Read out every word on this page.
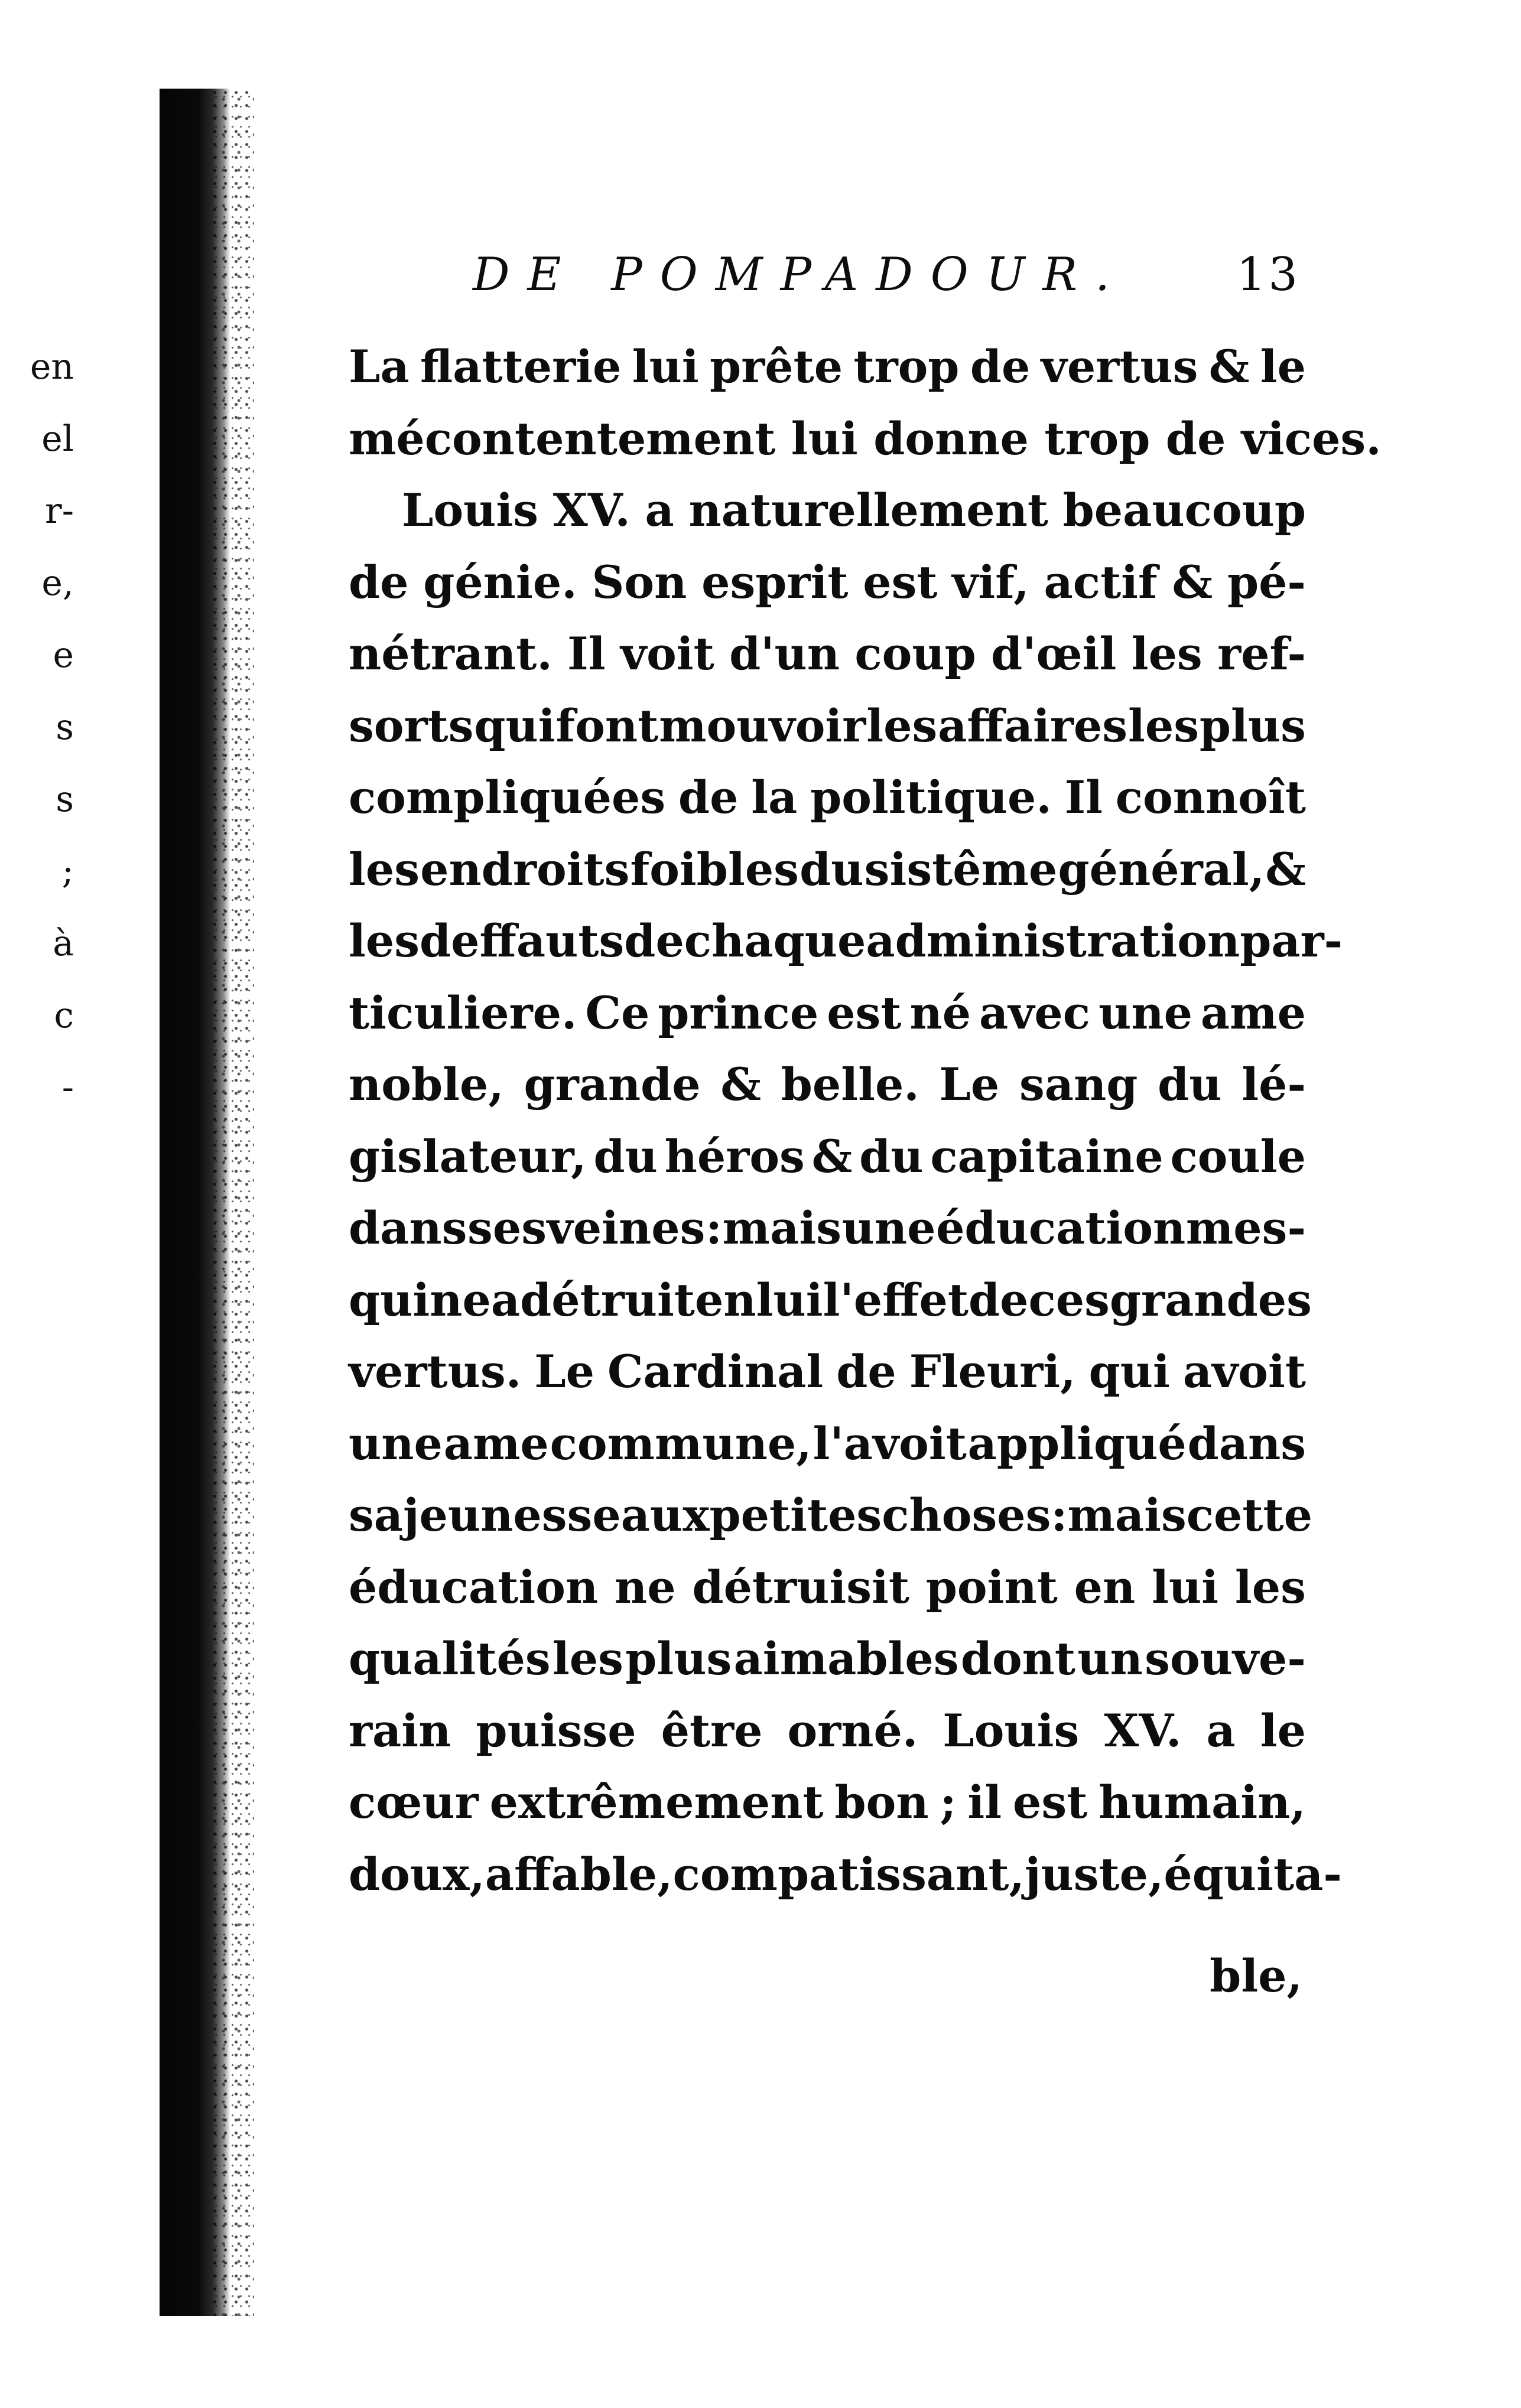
en
el
r-
e,
e
s
s
;
à
c
-
DE POMPADOUR. 13
La flatterie lui prête trop de vertus & le
mécontentement lui donne trop de vices.
Louis XV. a naturellement beaucoup
de génie. Son esprit est vif, actif & pé-
nétrant. Il voit d'un coup d'œil les ref-
sorts qui font mouvoir les affaires les plus
compliquées de la politique. Il connoît
les endroits foibles du sistême général, &
les deffauts de chaque administration par-
ticuliere. Ce prince est né avec une ame
noble, grande & belle. Le sang du lé-
gislateur, du héros & du capitaine coule
dans ses veines : mais une éducation mes-
quine a détruit en lui l'effet de ces grandes
vertus. Le Cardinal de Fleuri, qui avoit
une ame commune, l'avoit appliqué dans
sa jeunesse aux petites choses : mais cette
éducation ne détruisit point en lui les
qualités les plus aimables dont un souve-
rain puisse être orné. Louis XV. a le
cœur extrêmement bon ; il est humain,
doux, affable, compatissant, juste, équita-
ble,
